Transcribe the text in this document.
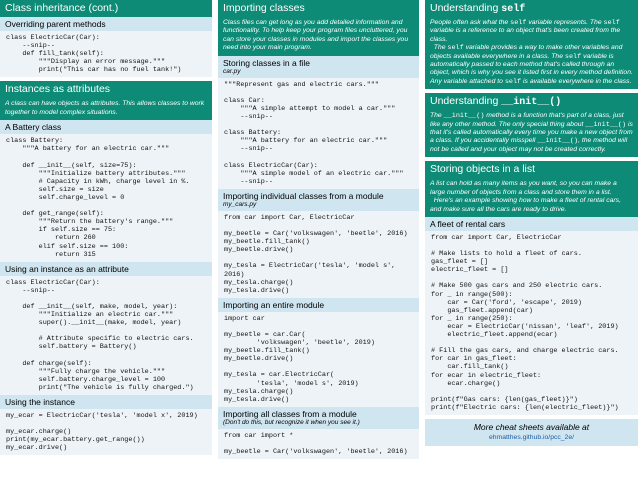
Class inheritance (cont.)
Overriding parent methods
class ElectricCar(Car):
--snip--
def fill_tank(self):
"""Display an error message."""
print("This car has no fuel tank!")
Instances as attributes
A class can have objects as attributes. This allows classes to work together to model complex situations.
A Battery class
class Battery:
"""A battery for an electric car."""

def __init__(self, size=75):
"""Initialize battery attributes."""
# Capacity in kWh, charge level in %.
self.size = size
self.charge_level = 0

def get_range(self):
"""Return the battery's range."""
if self.size == 75:
return 260
elif self.size == 100:
return 315
Using an instance as an attribute
class ElectricCar(Car):
--snip--

def __init__(self, make, model, year):
"""Initialize an electric car."""
super().__init__(make, model, year)

# Attribute specific to electric cars.
self.battery = Battery()

def charge(self):
"""Fully charge the vehicle."""
self.battery.charge_level = 100
print("The vehicle is fully charged.")
Using the instance
my_ecar = ElectricCar('tesla', 'model x', 2019)

my_ecar.charge()
print(my_ecar.battery.get_range())
my_ecar.drive()
Importing classes
Class files can get long as you add detailed information and functionality. To help keep your program files uncluttered, you can store your classes in modules and import the classes you need into your main program.
Storing classes in a file
car.py
"""Represent gas and electric cars."""

class Car:
"""A simple attempt to model a car."""
--snip--

class Battery:
"""A battery for an electric car."""
--snip--

class ElectricCar(Car):
"""A simple model of an electric car."""
--snip--
Importing individual classes from a module
my_cars.py
from car import Car, ElectricCar

my_beetle = Car('volkswagen', 'beetle', 2016)
my_beetle.fill_tank()
my_beetle.drive()

my_tesla = ElectricCar('tesla', 'model s',
2016)
my_tesla.charge()
my_tesla.drive()
Importing an entire module
import car

my_beetle = car.Car(
'volkswagen', 'beetle', 2019)
my_beetle.fill_tank()
my_beetle.drive()

my_tesla = car.ElectricCar(
'tesla', 'model s', 2019)
my_tesla.charge()
my_tesla.drive()
Importing all classes from a module
(Don't do this, but recognize it when you see it.)
from car import *

my_beetle = Car('volkswagen', 'beetle', 2016)
Understanding self
People often ask what the self variable represents. The self variable is a reference to an object that's been created from the class.
The self variable provides a way to make other variables and objects available everywhere in a class. The self variable is automatically passed to each method that's called through an object, which is why you see it listed first in every method definition. Any variable attached to self is available everywhere in the class.
Understanding __init__()
The __init__() method is a function that's part of a class, just like any other method. The only special thing about __init__() is that it's called automatically every time you make a new object from a class. If you accidentally misspell __init__(), the method will not be called and your object may not be created correctly.
Storing objects in a list
A list can hold as many items as you want, so you can make a large number of objects from a class and store them in a list.
Here's an example showing how to make a fleet of rental cars, and make sure all the cars are ready to drive.
A fleet of rental cars
from car import Car, ElectricCar

# Make lists to hold a fleet of cars.
gas_fleet = []
electric_fleet = []

# Make 500 gas cars and 250 electric cars.
for _ in range(500):
car = Car('ford', 'escape', 2019)
gas_fleet.append(car)
for _ in range(250):
ecar = ElectricCar('nissan', 'leaf', 2019)
electric_fleet.append(ecar)

# Fill the gas cars, and charge electric cars.
for car in gas_fleet:
car.fill_tank()
for ecar in electric_fleet:
ecar.charge()

print(f"Gas cars: {len(gas_fleet)}")
print(f"Electric cars: {len(electric_fleet)}")
More cheat sheets available at
ehmatthes.github.io/pcc_2e/
